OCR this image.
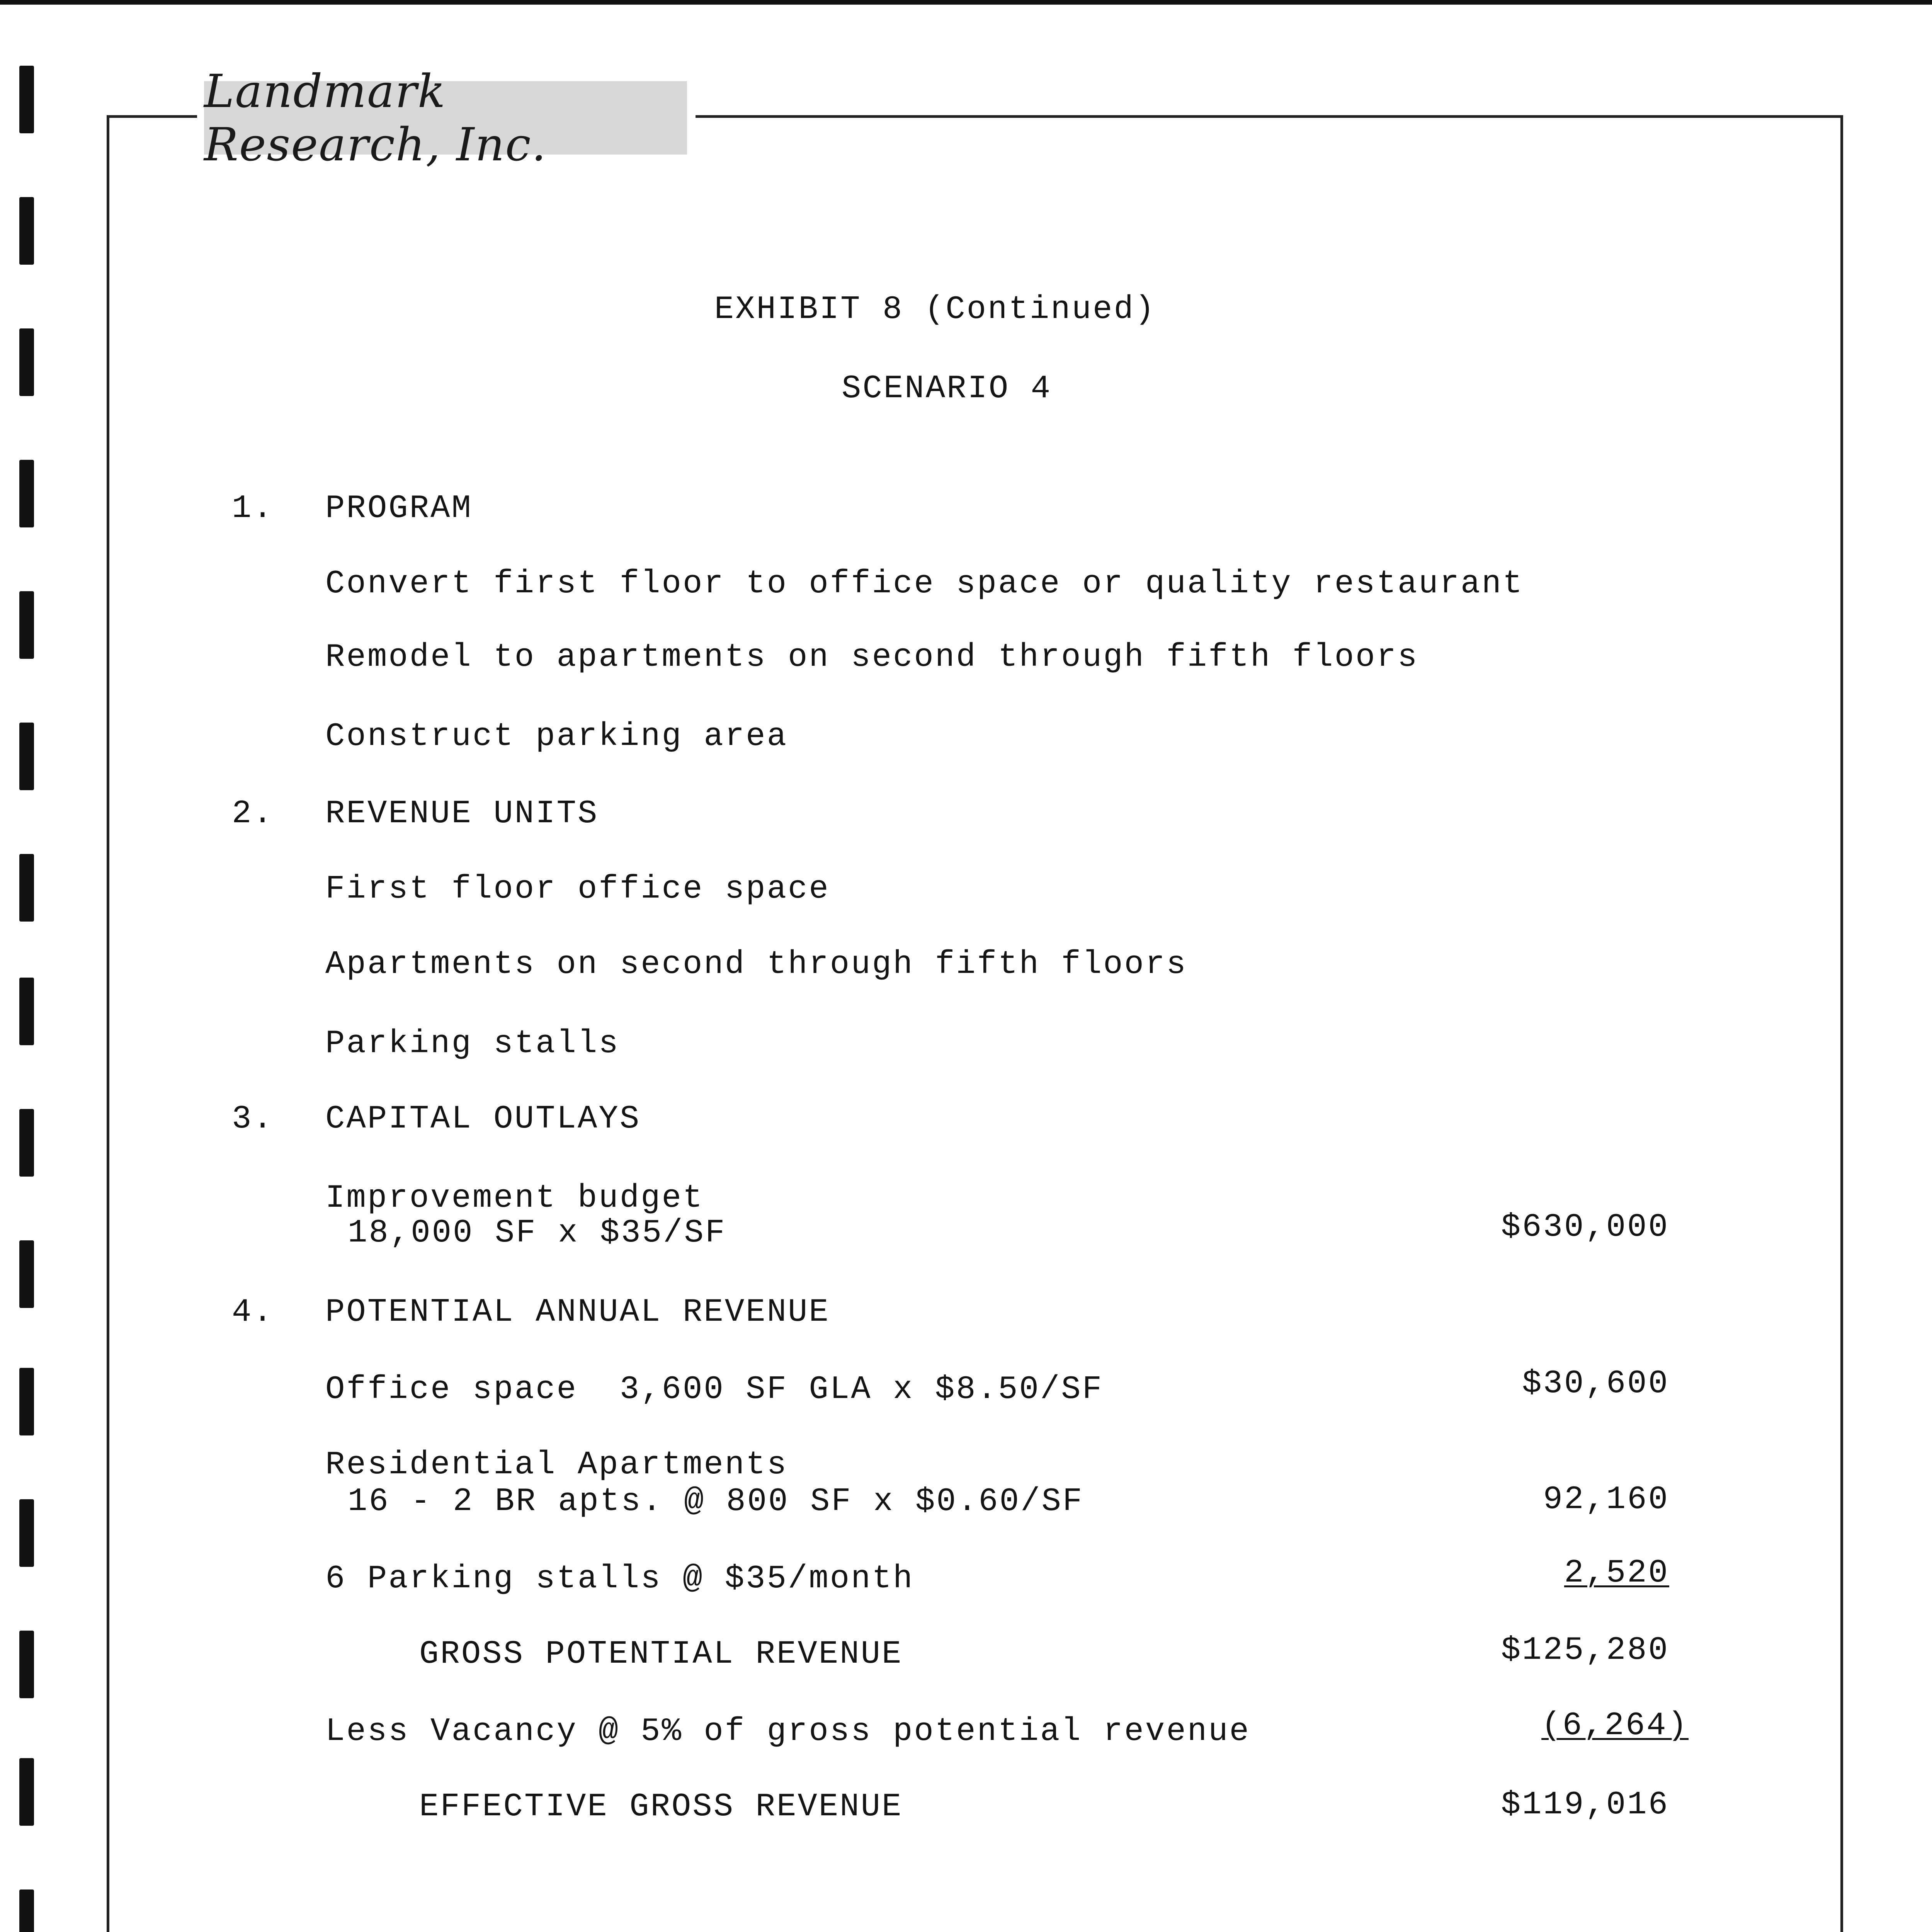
Landmark Research, Inc.
EXHIBIT 8 (Continued)
SCENARIO 4
1. PROGRAM
Convert first floor to office space or quality restaurant
Remodel to apartments on second through fifth floors
Construct parking area
2. REVENUE UNITS
First floor office space
Apartments on second through fifth floors
Parking stalls
3. CAPITAL OUTLAYS
Improvement budget
18,000 SF x $35/SF	$630,000
4. POTENTIAL ANNUAL REVENUE
Office space  3,600 SF GLA x $8.50/SF	$30,600
Residential Apartments
16 - 2 BR apts. @ 800 SF x $0.60/SF	92,160
6 Parking stalls @ $35/month	2,520
GROSS POTENTIAL REVENUE	$125,280
Less Vacancy @ 5% of gross potential revenue	(6,264)
EFFECTIVE GROSS REVENUE	$119,016
